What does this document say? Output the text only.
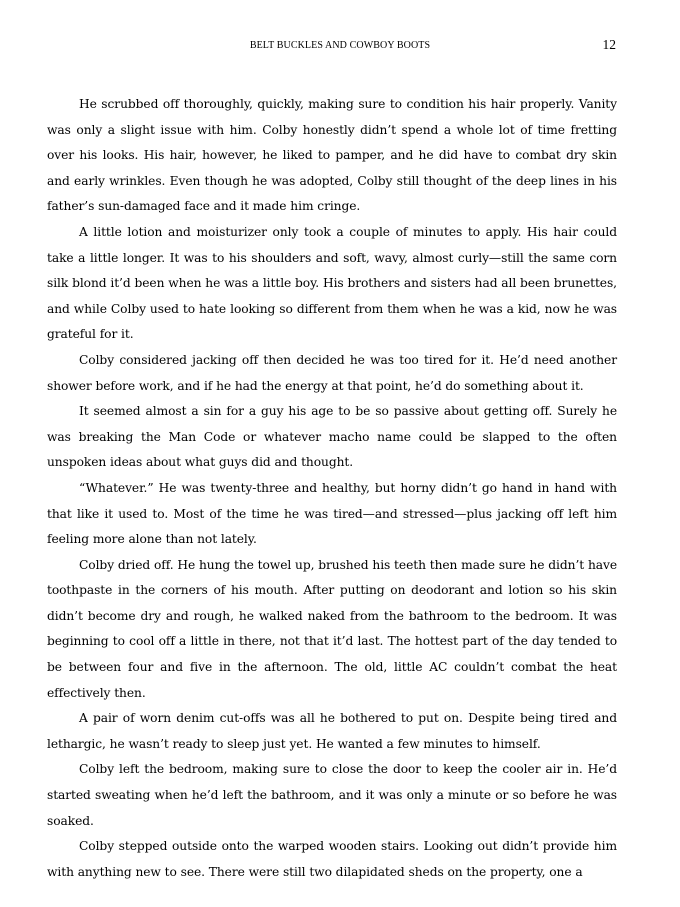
BELT BUCKLES AND COWBOY BOOTS	12

He scrubbed off thoroughly, quickly, making sure to condition his hair properly. Vanity was only a slight issue with him. Colby honestly didn’t spend a whole lot of time fretting over his looks. His hair, however, he liked to pamper, and he did have to combat dry skin and early wrinkles. Even though he was adopted, Colby still thought of the deep lines in his father’s sun-damaged face and it made him cringe.

A little lotion and moisturizer only took a couple of minutes to apply. His hair could take a little longer. It was to his shoulders and soft, wavy, almost curly—still the same corn silk blond it’d been when he was a little boy. His brothers and sisters had all been brunettes, and while Colby used to hate looking so different from them when he was a kid, now he was grateful for it.

Colby considered jacking off then decided he was too tired for it. He’d need another shower before work, and if he had the energy at that point, he’d do something about it.

It seemed almost a sin for a guy his age to be so passive about getting off. Surely he was breaking the Man Code or whatever macho name could be slapped to the often unspoken ideas about what guys did and thought.

“Whatever.” He was twenty-three and healthy, but horny didn’t go hand in hand with that like it used to. Most of the time he was tired—and stressed—plus jacking off left him feeling more alone than not lately.

Colby dried off. He hung the towel up, brushed his teeth then made sure he didn’t have toothpaste in the corners of his mouth. After putting on deodorant and lotion so his skin didn’t become dry and rough, he walked naked from the bathroom to the bedroom. It was beginning to cool off a little in there, not that it’d last. The hottest part of the day tended to be between four and five in the afternoon. The old, little AC couldn’t combat the heat effectively then.

A pair of worn denim cut-offs was all he bothered to put on. Despite being tired and lethargic, he wasn’t ready to sleep just yet. He wanted a few minutes to himself.

Colby left the bedroom, making sure to close the door to keep the cooler air in. He’d started sweating when he’d left the bathroom, and it was only a minute or so before he was soaked.

Colby stepped outside onto the warped wooden stairs. Looking out didn’t provide him with anything new to see. There were still two dilapidated sheds on the property, one a
